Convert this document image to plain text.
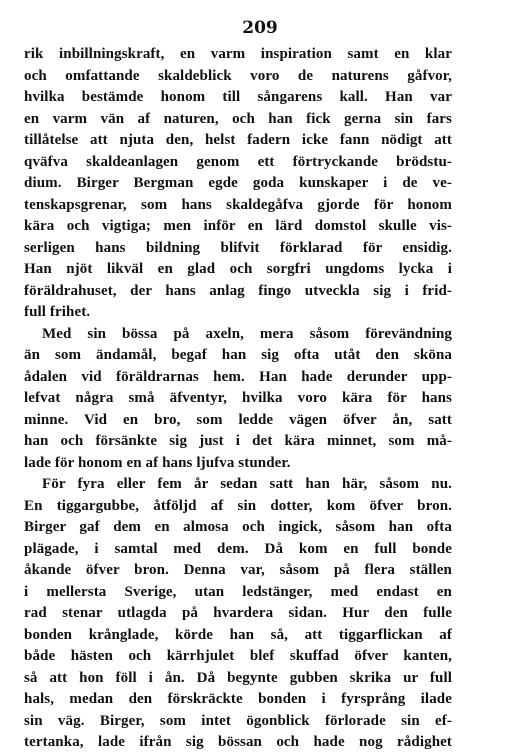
209
rik inbillningskraft, en varm inspiration samt en klar
och omfattande skaldeblick voro de naturens gåfvor,
hvilka bestämde honom till sångarens kall. Han var
en varm vän af naturen, och han fick gerna sin fars
tillåtelse att njuta den, helst fadern icke fann nödigt att
qväfva skaldeanlagen genom ett förtryckande brödstu-
dium. Birger Bergman egde goda kunskaper i de ve-
tenskapsgrenar, som hans skaldegåfva gjorde för honom
kära och vigtiga; men inför en lärd domstol skulle vis-
serligen hans bildning blifvit förklarad för ensidig.
Han njöt likväl en glad och sorgfri ungdoms lycka i
föräldrahuset, der hans anlag fingo utveckla sig i frid-
full frihet.
Med sin bössa på axeln, mera såsom förevändning
än som ändamål, begaf han sig ofta utåt den sköna
ådalen vid föräldrarnas hem. Han hade derunder upp-
lefvat några små äfventyr, hvilka voro kära för hans
minne. Vid en bro, som ledde vägen öfver ån, satt
han och försänkte sig just i det kära minnet, som må-
lade för honom en af hans ljufva stunder.
För fyra eller fem år sedan satt han här, såsom nu.
En tiggargubbe, åtföljd af sin dotter, kom öfver bron.
Birger gaf dem en almosa och ingick, såsom han ofta
plägade, i samtal med dem. Då kom en full bonde
åkande öfver bron. Denna var, såsom på flera ställen
i mellersta Sverige, utan ledstänger, med endast en
rad stenar utlagda på hvardera sidan. Hur den fulle
bonden krånglade, körde han så, att tiggarflickan af
både hästen och kärrhjulet blef skuffad öfver kanten,
så att hon föll i ån. Då begynte gubben skrika ur full
hals, medan den förskräckte bonden i fyrsprång ilade
sin väg. Birger, som intet ögonblick förlorade sin ef-
tertanka, lade ifrån sig bössan och hade nog rådighet
